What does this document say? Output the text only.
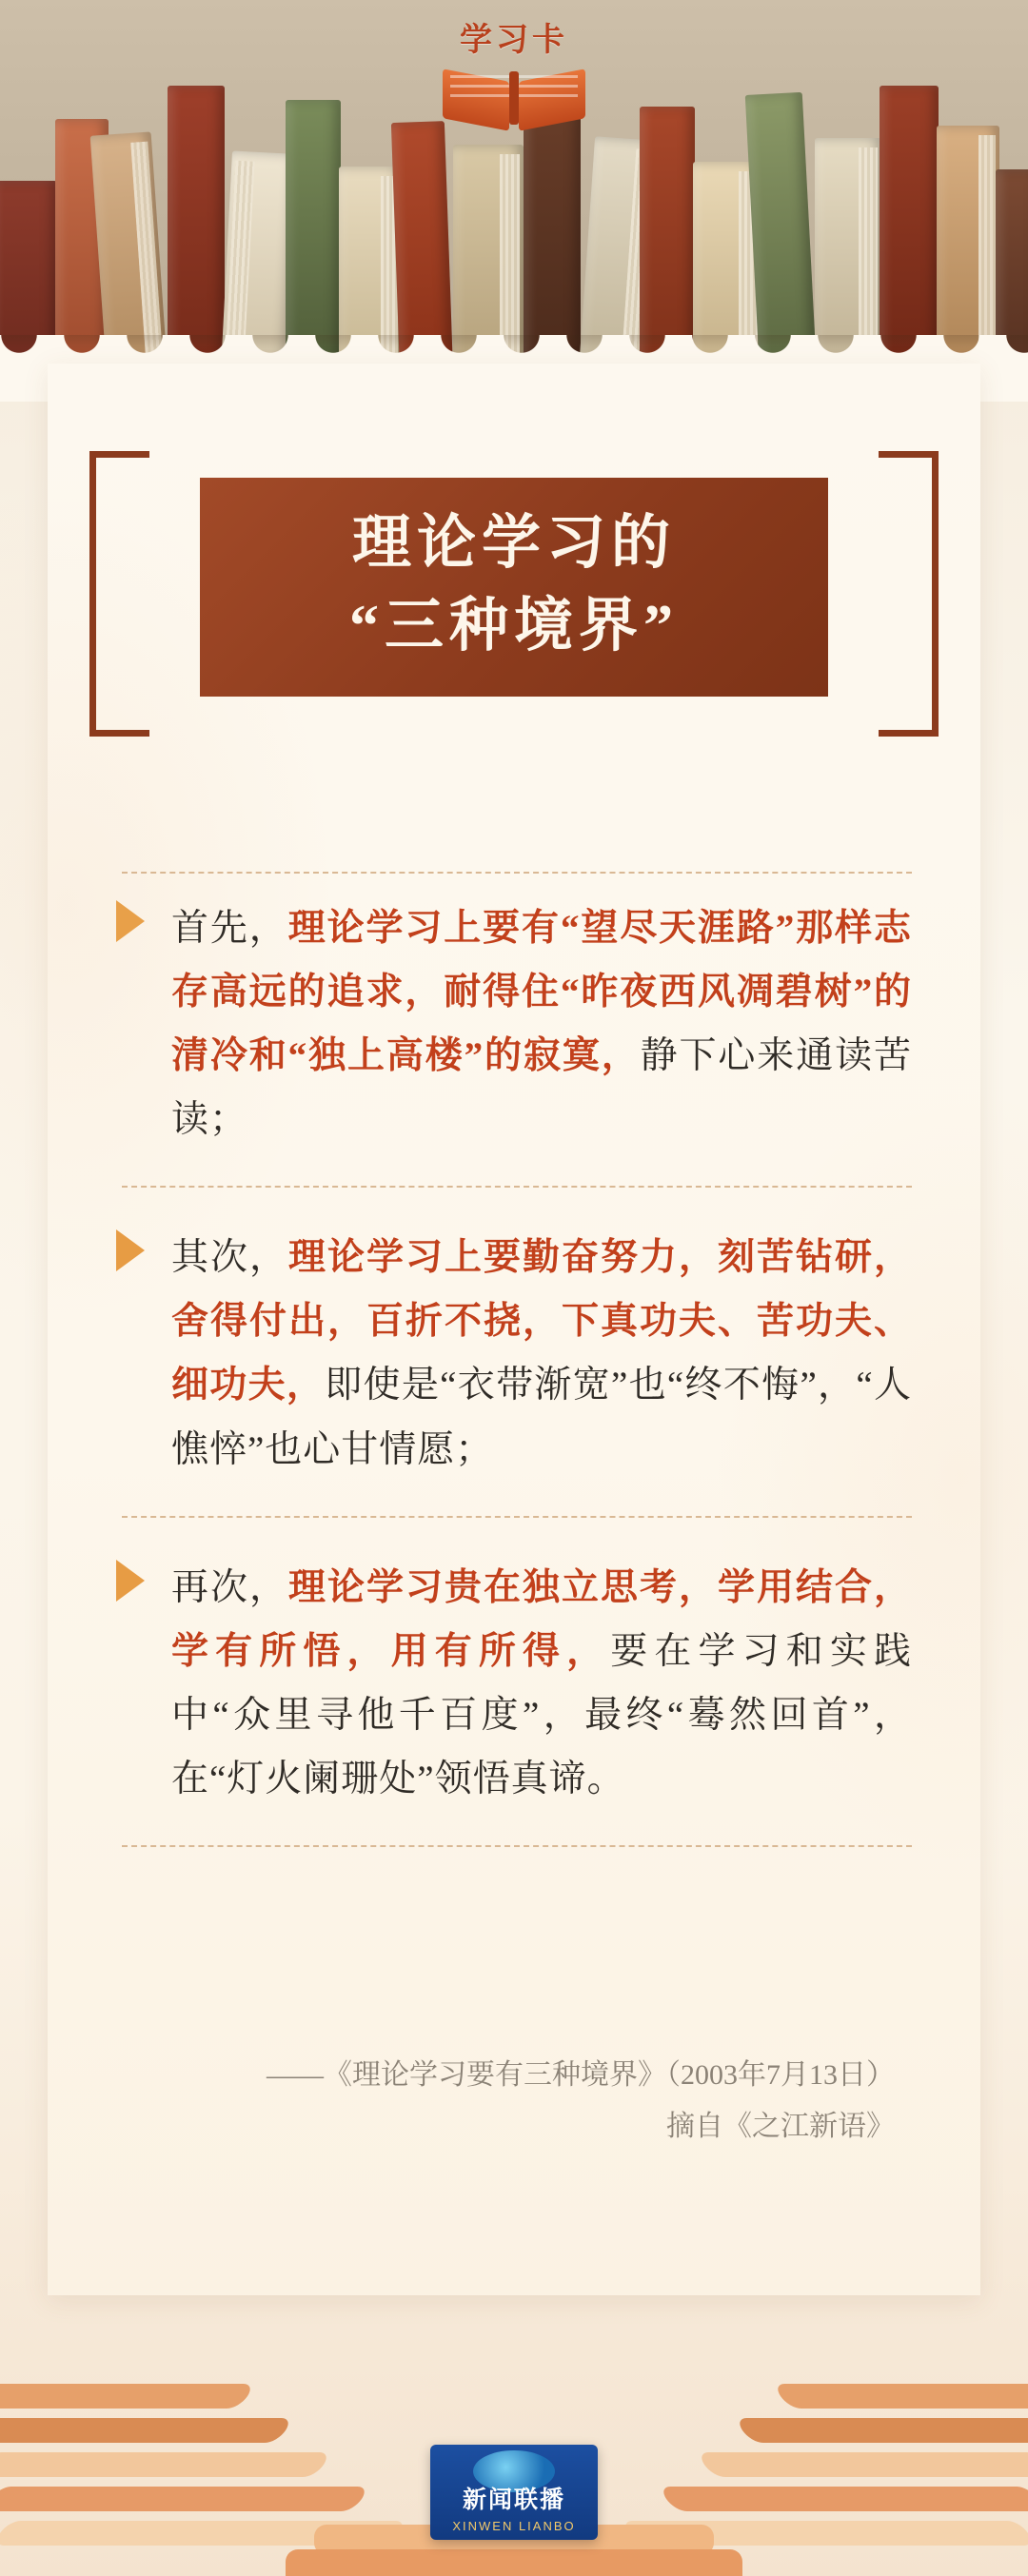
学习卡
理论学习的
“三种境界”
首先，理论学习上要有“望尽天涯路”那样志存高远的追求，耐得住“昨夜西风凋碧树”的清冷和“独上高楼”的寂寞，静下心来通读苦读；
其次，理论学习上要勤奋努力，刻苦钻研，舍得付出，百折不挠，下真功夫、苦功夫、细功夫，即使是“衣带渐宽”也“终不悔”，“人憔悴”也心甘情愿；
再次，理论学习贵在独立思考，学用结合，学有所悟，用有所得，要在学习和实践中“众里寻他千百度”，最终“蓦然回首”，在“灯火阑珊处”领悟真谛。
——《理论学习要有三种境界》（2003年7月13日）
摘自《之江新语》
新闻联播
XINWEN LIANBO
